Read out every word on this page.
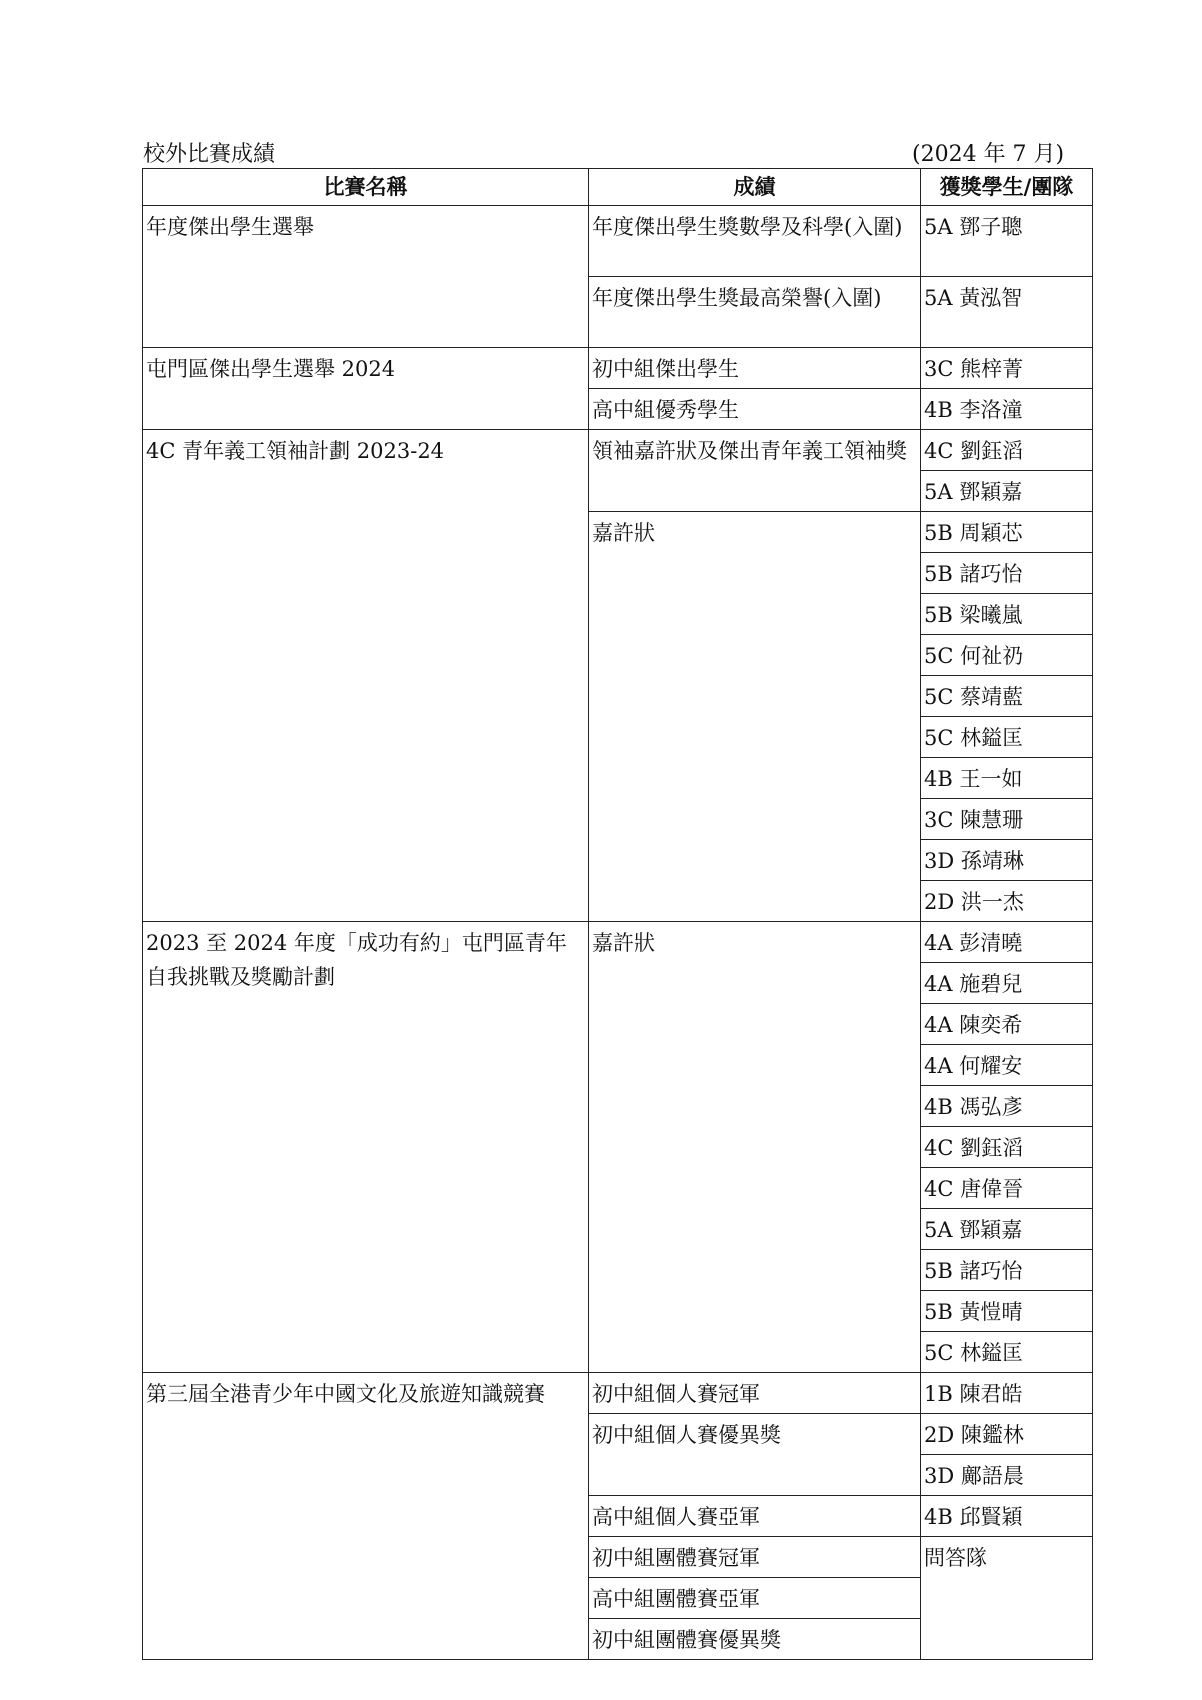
校外比賽成績	(2024 年 7 月)
比賽名稱	成績	獲獎學生/團隊
年度傑出學生選舉	年度傑出學生獎數學及科學(入圍)	5A 鄧子聰
	年度傑出學生獎最高榮譽(入圍)	5A 黃泓智
屯門區傑出學生選舉 2024	初中組傑出學生	3C 熊梓菁
	高中組優秀學生	4B 李洛潼
4C 青年義工領袖計劃 2023-24	領袖嘉許狀及傑出青年義工領袖獎	4C 劉鈺滔
		5A 鄧穎嘉
	嘉許狀	5B 周穎芯
		5B 諸巧怡
		5B 梁曦嵐
		5C 何祉礽
		5C 蔡靖藍
		5C 林鎰匡
		4B 王一如
		3C 陳慧珊
		3D 孫靖琳
		2D 洪一杰
2023 至 2024 年度「成功有約」屯門區青年自我挑戰及獎勵計劃	嘉許狀	4A 彭清曉
		4A 施碧兒
		4A 陳奕希
		4A 何耀安
		4B 馮弘彥
		4C 劉鈺滔
		4C 唐偉晉
		5A 鄧穎嘉
		5B 諸巧怡
		5B 黃愷晴
		5C 林鎰匡
第三屆全港青少年中國文化及旅遊知識競賽	初中組個人賽冠軍	1B 陳君皓
	初中組個人賽優異獎	2D 陳鑑林
		3D 鄺語晨
	高中組個人賽亞軍	4B 邱賢穎
	初中組團體賽冠軍	問答隊
	高中組團體賽亞軍	
	初中組團體賽優異獎	
